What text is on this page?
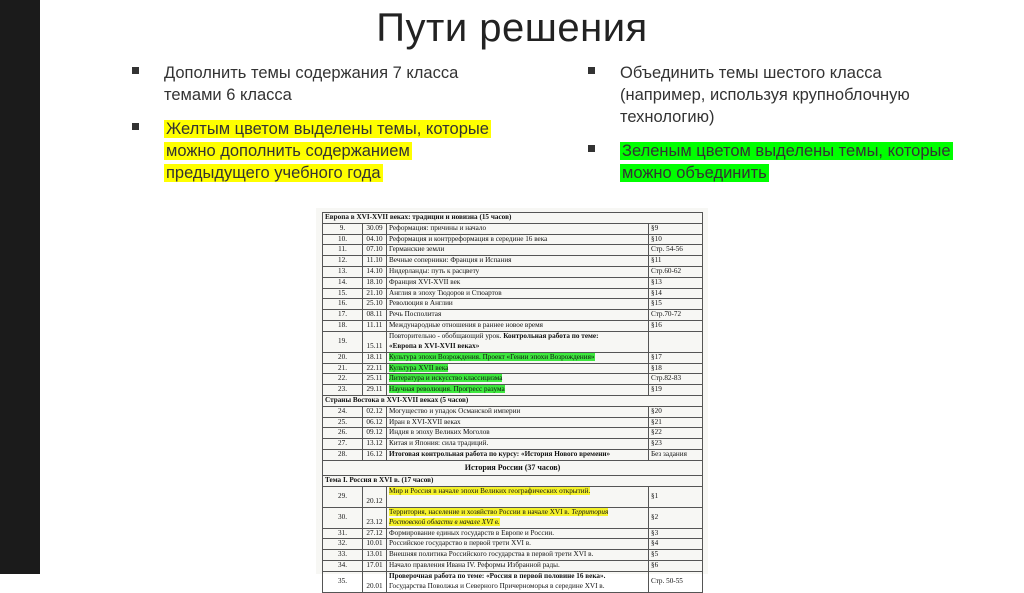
Пути решения
Дополнить темы содержания 7 класса темами 6 класса
Желтым цветом выделены темы, которые можно дополнить содержанием предыдущего учебного года
Объединить темы шестого класса (например, используя крупноблочную технологию)
Зеленым цветом выделены темы, которые можно объединить
Европа в XVI-XVII веках: традиции и новизна (15 часов)			
9.	30.09	Реформация: причины и начало	§9
10.	04.10	Реформация и контрреформация в середине 16 века	§10
11.	07.10	Германские земли	Стр. 54-56
12.	11.10	Вечные соперники: Франция и Испания	§11
13.	14.10	Нидерланды: путь к расцвету	Стр.60-62
14.	18.10	Франция XVI-XVII век	§13
15.	21.10	Англия в эпоху Тюдоров и Стюартов	§14
16.	25.10	Революция в Англии	§15
17.	08.11	Речь Посполитая	Стр.70-72
18.	11.11	Международные отношения в раннее новое время	§16
19.	15.11	Повторительно - обобщающий урок. Контрольная работа по теме:
«Европа в XVI-XVII веках»	
20.	18.11	Культура эпохи Возрождения. Проект «Гении эпохи Возрождения»	§17
21.	22.11	Культура XVII века	§18
22.	25.11	Литература и искусство классицизма	Стр.82-83
23.	29.11	Научная революция. Прогресс разума	§19
Страны Востока в XVI-XVII веках (5 часов)			
24.	02.12	Могущество и упадок Османской империи	§20
25.	06.12	Иран в XVI-XVII веках	§21
26.	09.12	Индия в эпоху Великих Моголов	§22
27.	13.12	Китая и Япония: сила традиций.	§23
28.	16.12	Итоговая контрольная работа по курсу: «История Нового времени»	Без задания
История России (37 часов)			
Тема I. Россия в XVI в. (17 часов)			
29.	20.12	Мир и Россия в начале эпохи Великих географических открытий.	§1
30.	23.12	Территория, население и хозяйство России в начале XVI в. Территория Ростовской области в начале XVI в.	§2
31.	27.12	Формирование единых государств в Европе и России.	§3
32.	10.01	Российское государство в первой трети XVI в.	§4
33.	13.01	Внешняя политика Российского государства в первой трети XVI в.	§5
34.	17.01	Начало правления Ивана IV. Реформы Избранной рады.	§6
35.	20.01	Проверочная работа по теме: «Россия в первой половине 16 века».
Государства Поволжья и Северного Причерноморья в середине XVI в.	Стр. 50-55
